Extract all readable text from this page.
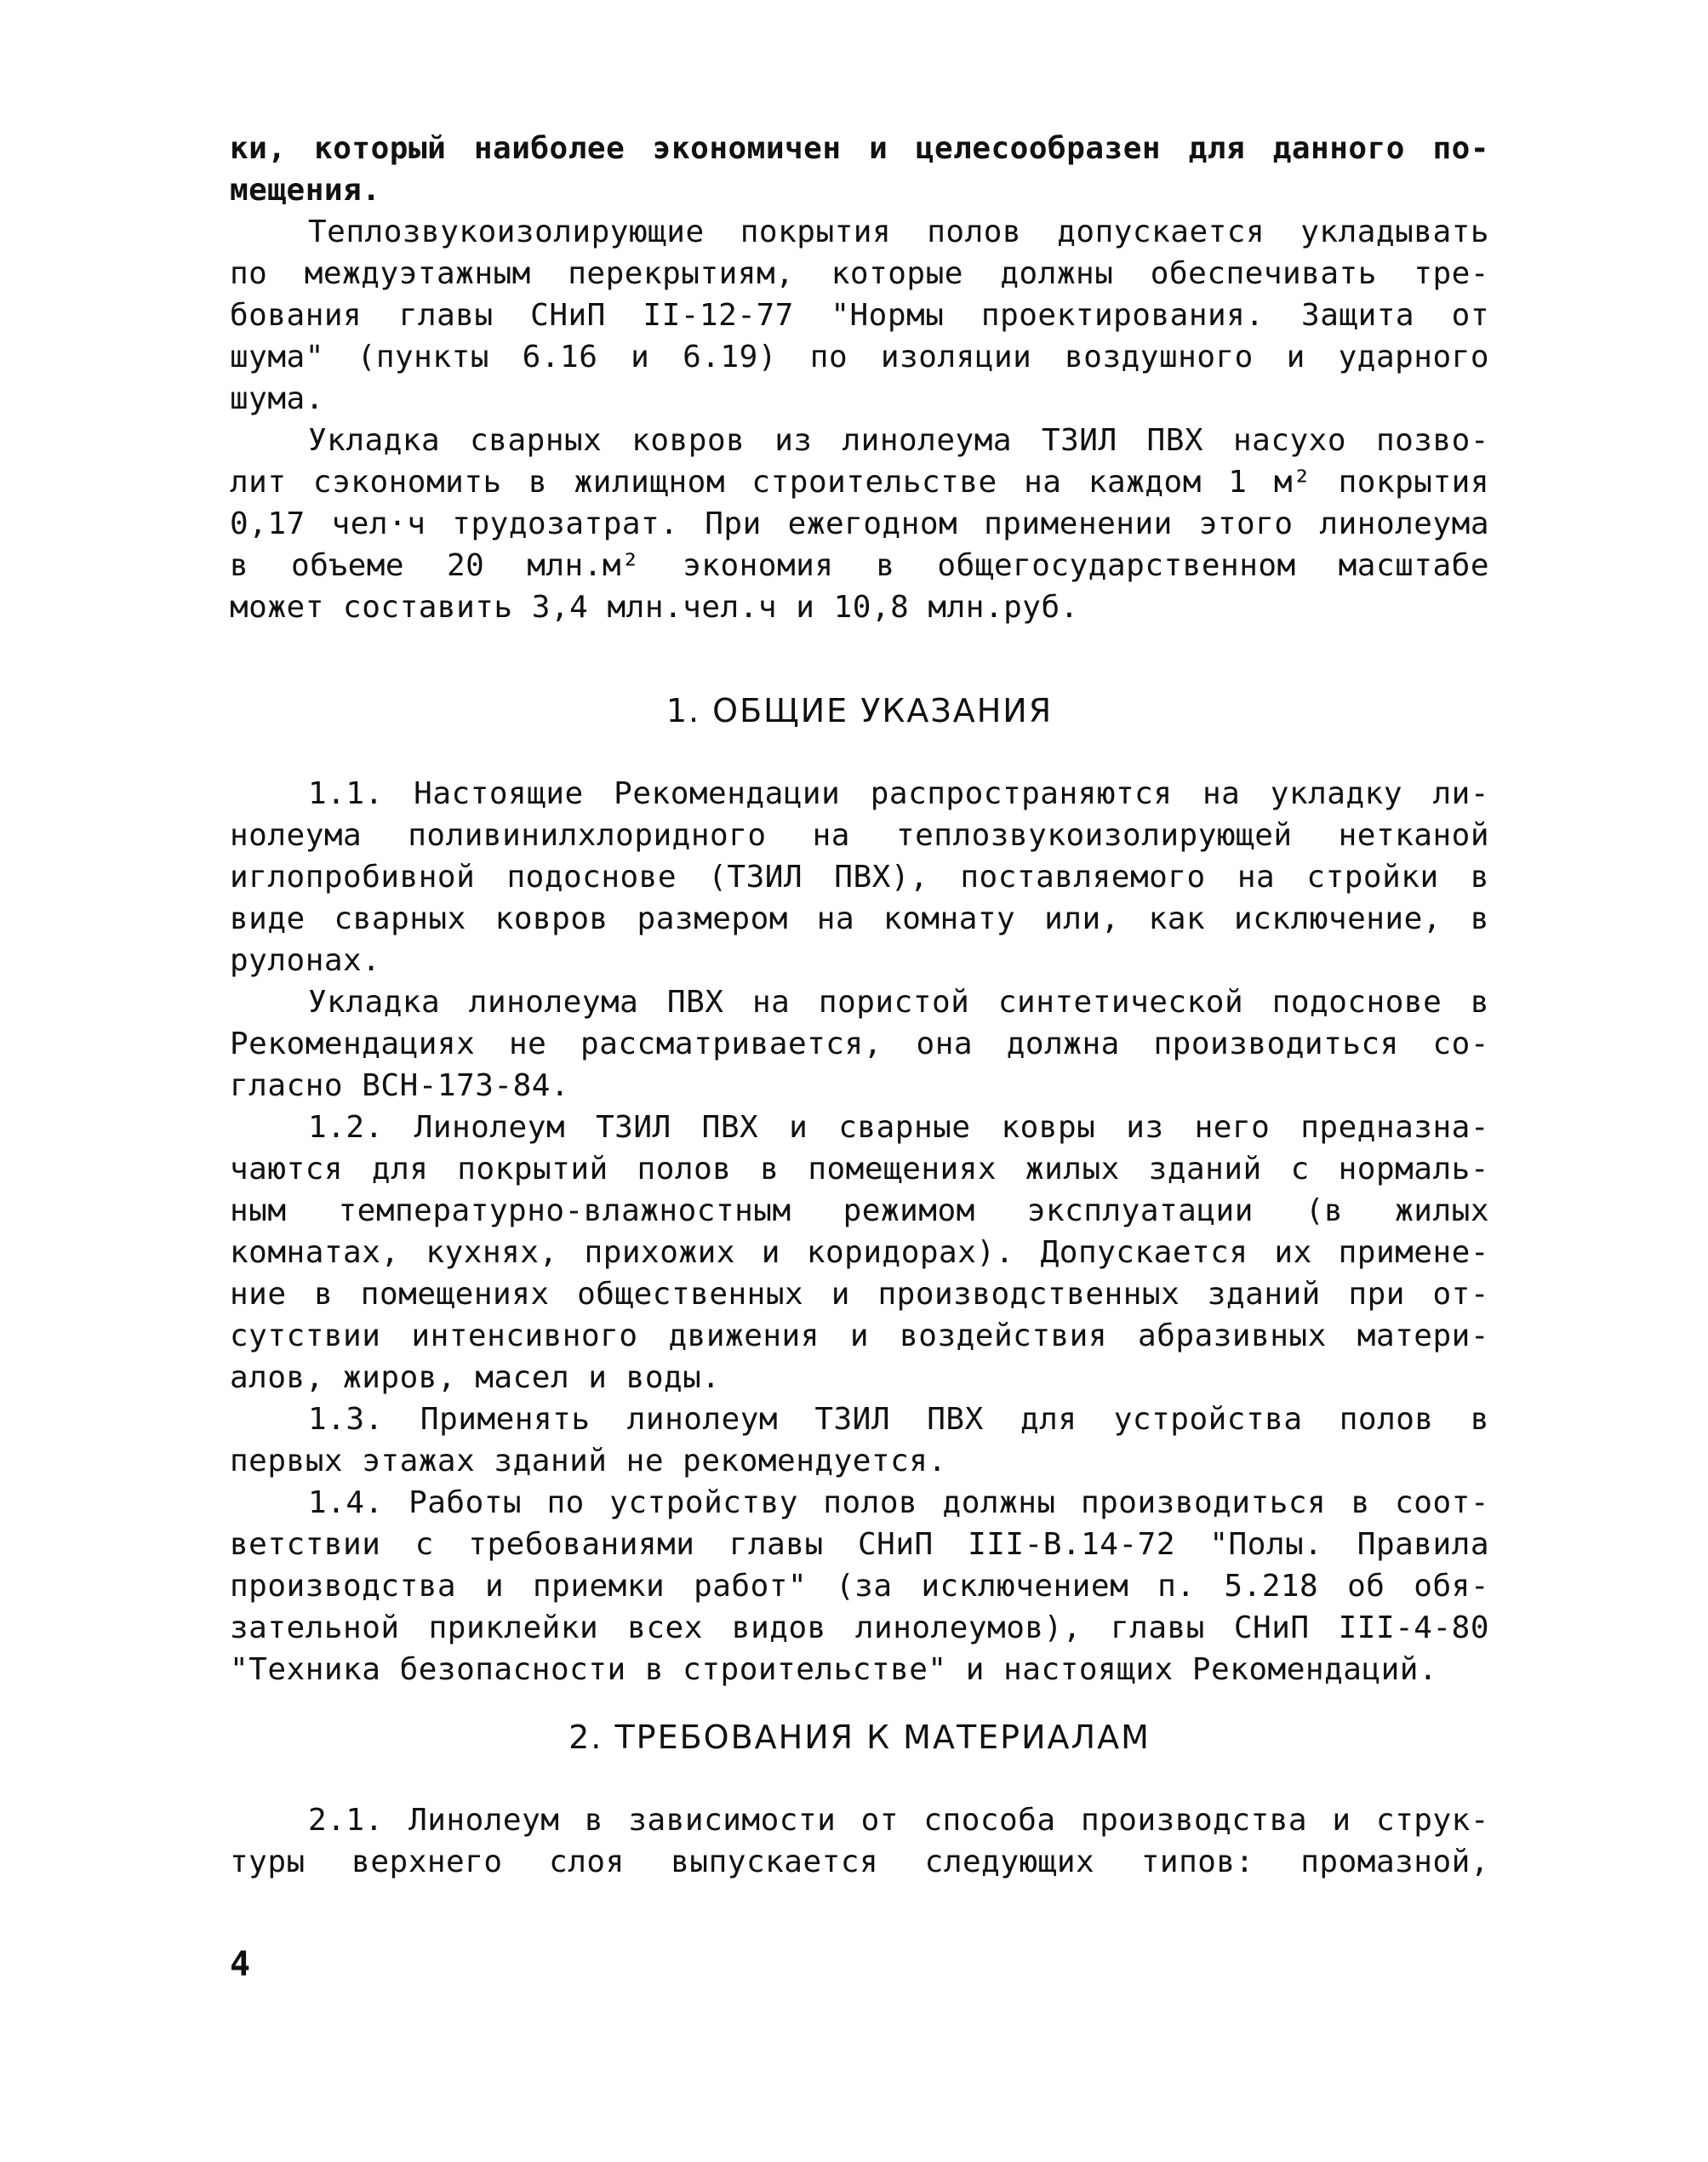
ки, который наиболее экономичен и целесообразен для данного по-
мещения.
Теплозвукоизолирующие покрытия полов допускается укладывать
по междуэтажным перекрытиям, которые должны обеспечивать тре-
бования главы СНиП II-12-77 "Нормы проектирования. Защита от
шума" (пункты 6.16 и 6.19) по изоляции воздушного и ударного
шума.
Укладка сварных ковров из линолеума ТЗИЛ ПВХ насухо позво-
лит сэкономить в жилищном строительстве на каждом 1 м² покрытия
0,17 чел·ч трудозатрат. При ежегодном применении этого линолеума
в объеме 20 млн.м² экономия в общегосударственном масштабе
может составить 3,4 млн.чел.ч и 10,8 млн.руб.
1. ОБЩИЕ УКАЗАНИЯ
1.1. Настоящие Рекомендации распространяются на укладку ли-
нолеума поливинилхлоридного на теплозвукоизолирующей нетканой
иглопробивной подоснове (ТЗИЛ ПВХ), поставляемого на стройки в
виде сварных ковров размером на комнату или, как исключение, в
рулонах.
Укладка линолеума ПВХ на пористой синтетической подоснове в
Рекомендациях не рассматривается, она должна производиться со-
гласно ВСН-173-84.
1.2. Линолеум ТЗИЛ ПВХ и сварные ковры из него предназна-
чаются для покрытий полов в помещениях жилых зданий с нормаль-
ным температурно-влажностным режимом эксплуатации (в жилых
комнатах, кухнях, прихожих и коридорах). Допускается их примене-
ние в помещениях общественных и производственных зданий при от-
сутствии интенсивного движения и воздействия абразивных матери-
алов, жиров, масел и воды.
1.3. Применять линолеум ТЗИЛ ПВХ для устройства полов в
первых этажах зданий не рекомендуется.
1.4. Работы по устройству полов должны производиться в соот-
ветствии с требованиями главы СНиП III-В.14-72 "Полы. Правила
производства и приемки работ" (за исключением п. 5.218 об обя-
зательной приклейки всех видов линолеумов), главы СНиП III-4-80
"Техника безопасности в строительстве" и настоящих Рекомендаций.
2. ТРЕБОВАНИЯ К МАТЕРИАЛАМ
2.1. Линолеум в зависимости от способа производства и струк-
туры верхнего слоя выпускается следующих типов: промазной,
4
